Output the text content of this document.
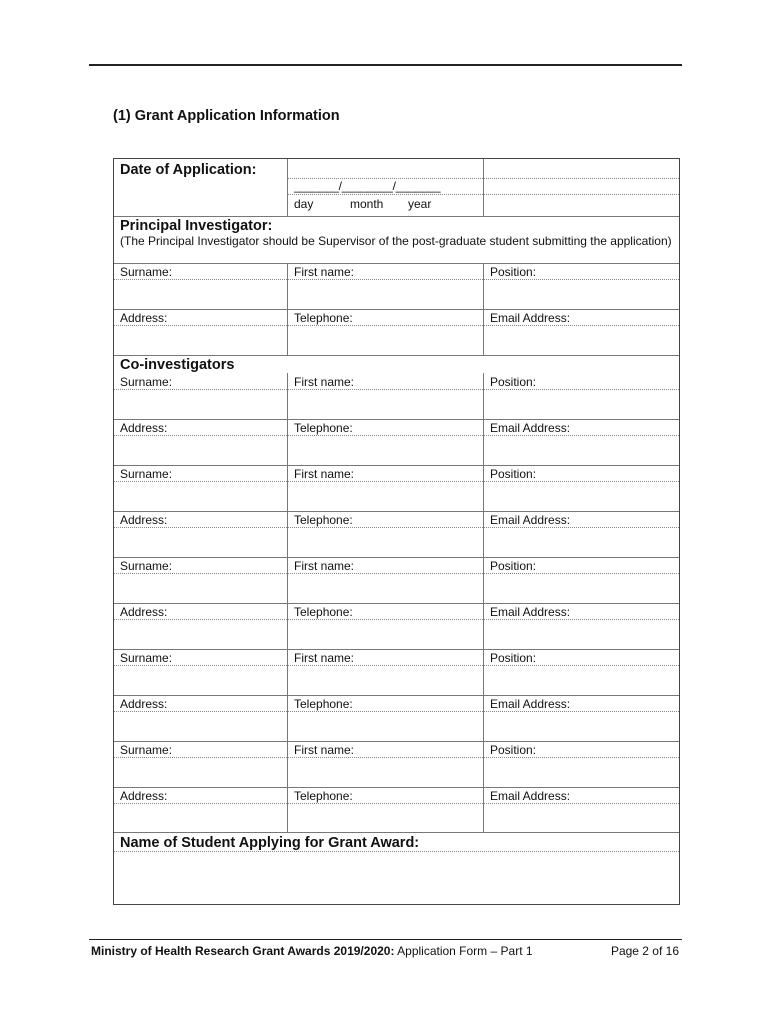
(1) Grant Application Information
Date of Application:
_______/________/_______
day	month year
Principal Investigator:
(The Principal Investigator should be Supervisor of the post-graduate student submitting the application)
Surname:	First name:	Position:
Address:	Telephone:	Email Address:
Co-investigators
Surname:	First name:	Position:
Address:	Telephone:	Email Address:
Surname:	First name:	Position:
Address:	Telephone:	Email Address:
Surname:	First name:	Position:
Address:	Telephone:	Email Address:
Surname:	First name:	Position:
Address:	Telephone:	Email Address:
Surname:	First name:	Position:
Address:	Telephone:	Email Address:
Name of Student Applying for Grant Award:
Ministry of Health Research Grant Awards 2019/2020: Application Form – Part 1	Page 2 of 16
